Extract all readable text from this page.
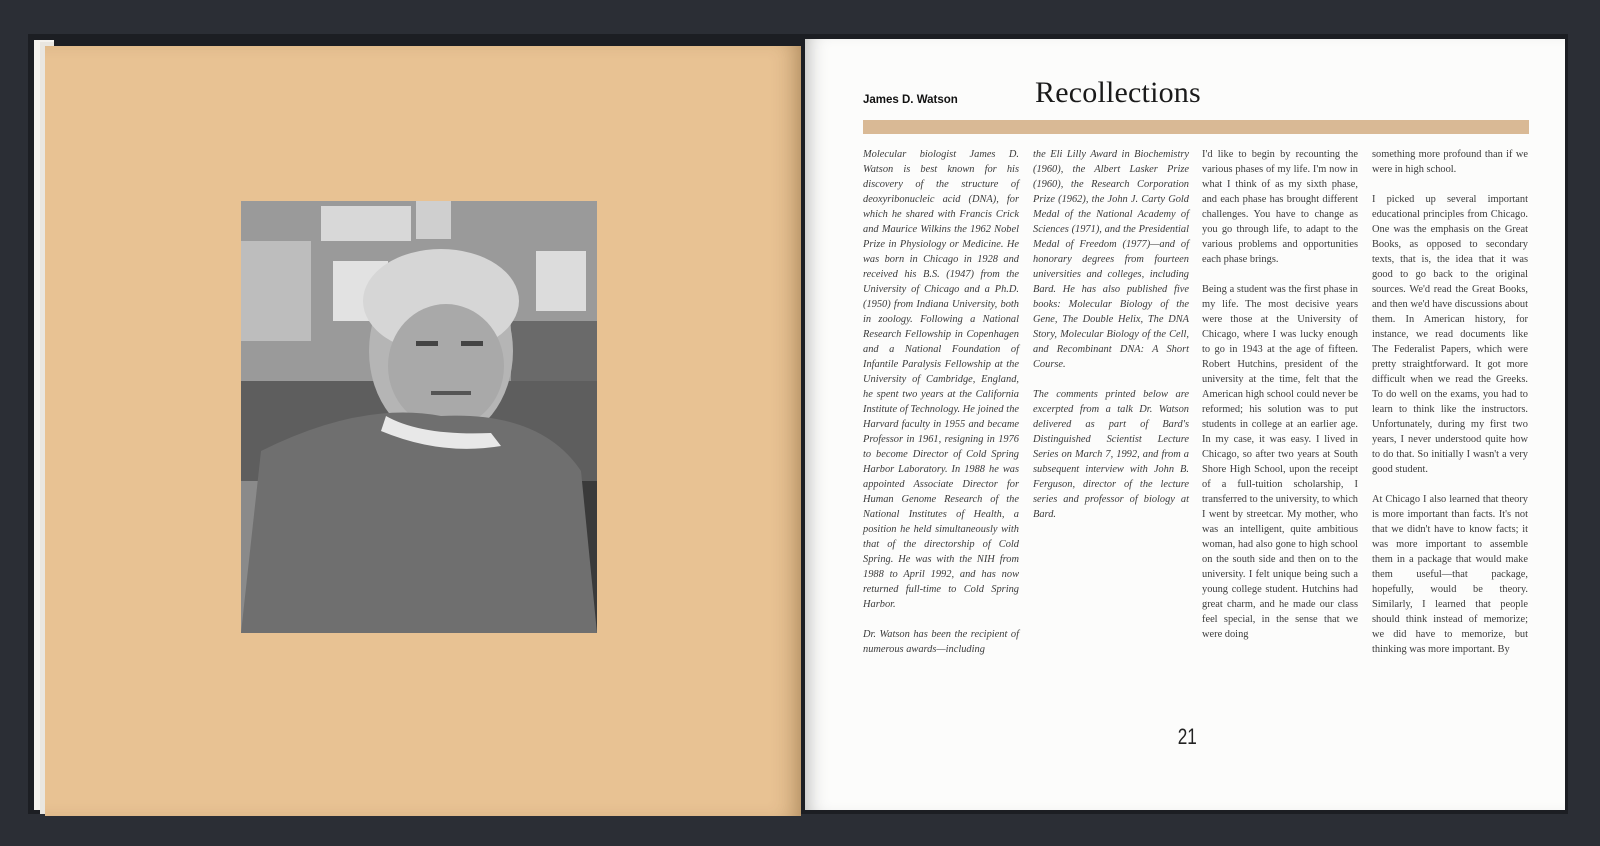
James D. Watson	Recollections

Molecular biologist James D. Watson is best known for his discovery of the structure of deoxyribonucleic acid (DNA), for which he shared with Francis Crick and Maurice Wilkins the 1962 Nobel Prize in Physiology or Medicine. He was born in Chicago in 1928 and received his B.S. (1947) from the University of Chicago and a Ph.D. (1950) from Indiana University, both in zoology. Following a National Research Fellowship in Copenhagen and a National Foundation of Infantile Paralysis Fellowship at the University of Cambridge, England, he spent two years at the California Institute of Technology. He joined the Harvard faculty in 1955 and became Professor in 1961, resigning in 1976 to become Director of Cold Spring Harbor Laboratory. In 1988 he was appointed Associate Director for Human Genome Research of the National Institutes of Health, a position he held simultaneously with that of the directorship of Cold Spring. He was with the NIH from 1988 to April 1992, and has now returned full-time to Cold Spring Harbor.

Dr. Watson has been the recipient of numerous awards—including

the Eli Lilly Award in Biochemistry (1960), the Albert Lasker Prize (1960), the Research Corporation Prize (1962), the John J. Carty Gold Medal of the National Academy of Sciences (1971), and the Presidential Medal of Freedom (1977)—and of honorary degrees from fourteen universities and colleges, including Bard. He has also published five books: Molecular Biology of the Gene, The Double Helix, The DNA Story, Molecular Biology of the Cell, and Recombinant DNA: A Short Course.

The comments printed below are excerpted from a talk Dr. Watson delivered as part of Bard's Distinguished Scientist Lecture Series on March 7, 1992, and from a subsequent interview with John B. Ferguson, director of the lecture series and professor of biology at Bard.

I'd like to begin by recounting the various phases of my life. I'm now in what I think of as my sixth phase, and each phase has brought different challenges. You have to change as you go through life, to adapt to the various problems and opportunities each phase brings.

Being a student was the first phase in my life. The most decisive years were those at the University of Chicago, where I was lucky enough to go in 1943 at the age of fifteen. Robert Hutchins, president of the university at the time, felt that the American high school could never be reformed; his solution was to put students in college at an earlier age. In my case, it was easy. I lived in Chicago, so after two years at South Shore High School, upon the receipt of a full-tuition scholarship, I transferred to the university, to which I went by streetcar. My mother, who was an intelligent, quite ambitious woman, had also gone to high school on the south side and then on to the university. I felt unique being such a young college student. Hutchins had great charm, and he made our class feel special, in the sense that we were doing

something more profound than if we were in high school.

I picked up several important educational principles from Chicago. One was the emphasis on the Great Books, as opposed to secondary texts, that is, the idea that it was good to go back to the original sources. We'd read the Great Books, and then we'd have discussions about them. In American history, for instance, we read documents like The Federalist Papers, which were pretty straightforward. It got more difficult when we read the Greeks. To do well on the exams, you had to learn to think like the instructors. Unfortunately, during my first two years, I never understood quite how to do that. So initially I wasn't a very good student.

At Chicago I also learned that theory is more important than facts. It's not that we didn't have to know facts; it was more important to assemble them in a package that would make them useful—that package, hopefully, would be theory. Similarly, I learned that people should think instead of memorize; we did have to memorize, but thinking was more important. By

21
